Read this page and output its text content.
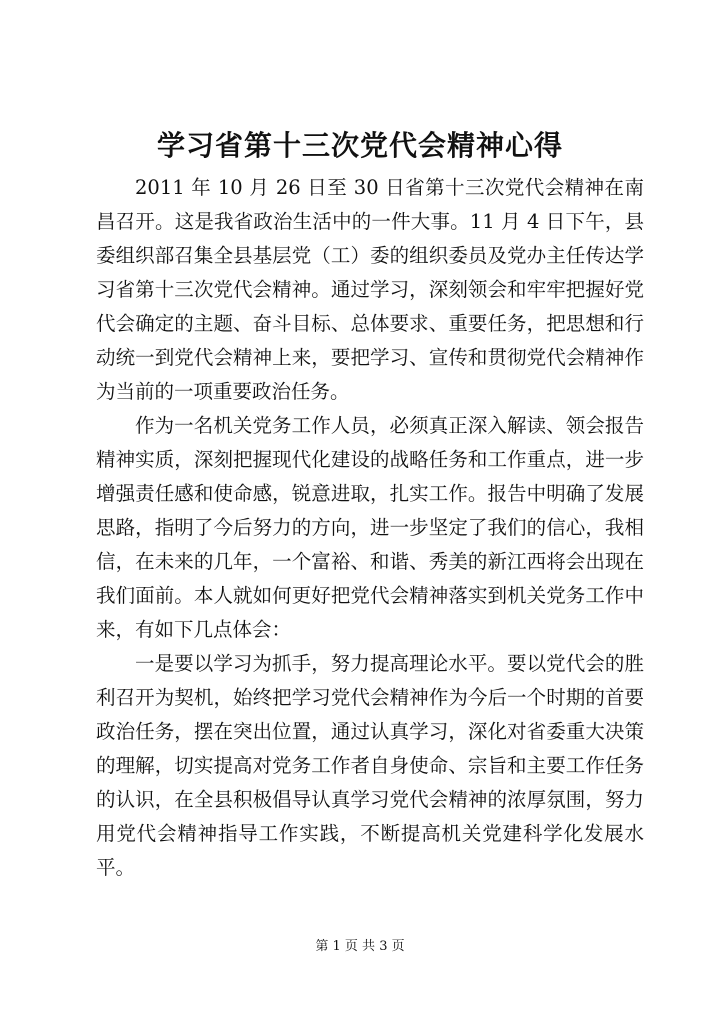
学习省第十三次党代会精神心得

2011 年 10 月 26 日至 30 日省第十三次党代会精神在南昌召开。这是我省政治生活中的一件大事。11 月 4 日下午，县委组织部召集全县基层党（工）委的组织委员及党办主任传达学习省第十三次党代会精神。通过学习，深刻领会和牢牢把握好党代会确定的主题、奋斗目标、总体要求、重要任务，把思想和行动统一到党代会精神上来，要把学习、宣传和贯彻党代会精神作为当前的一项重要政治任务。

作为一名机关党务工作人员，必须真正深入解读、领会报告精神实质，深刻把握现代化建设的战略任务和工作重点，进一步增强责任感和使命感，锐意进取，扎实工作。报告中明确了发展思路，指明了今后努力的方向，进一步坚定了我们的信心，我相信，在未来的几年，一个富裕、和谐、秀美的新江西将会出现在我们面前。本人就如何更好把党代会精神落实到机关党务工作中来，有如下几点体会：

一是要以学习为抓手，努力提高理论水平。要以党代会的胜利召开为契机，始终把学习党代会精神作为今后一个时期的首要政治任务，摆在突出位置，通过认真学习，深化对省委重大决策的理解，切实提高对党务工作者自身使命、宗旨和主要工作任务的认识，在全县积极倡导认真学习党代会精神的浓厚氛围，努力用党代会精神指导工作实践，不断提高机关党建科学化发展水平。

第 1 页 共 3 页
